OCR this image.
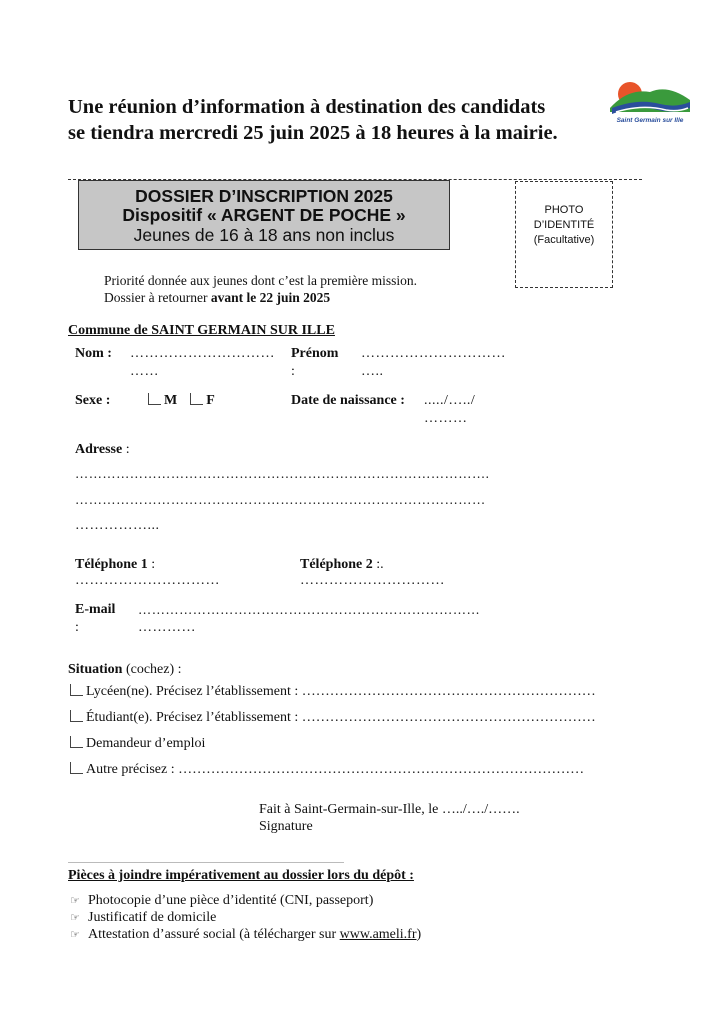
Une réunion d’information à destination des candidats
se tiendra mercredi 25 juin 2025 à 18 heures à la mairie.
Saint Germain sur Ille
DOSSIER D’INSCRIPTION 2025
Dispositif « ARGENT DE POCHE »
Jeunes de 16 à 18 ans non inclus
PHOTO
D’IDENTITÉ
(Facultative)
Priorité donnée aux jeunes dont c’est la première mission.
Dossier à retourner avant le 22 juin 2025
Commune de SAINT GERMAIN SUR ILLE
Nom : …………………………
……
Prénom
:
…………………………
…..
Sexe :	M F	Date de naissance : ...../…../
………
Adresse :
……………………………………………………………………………….
………………………………………………………………………………
……………...
Téléphone 1 :
…………………………
Téléphone 2 :.
…………………………
E-mail
:
…………………………………………………………………
…………
Situation (cochez) :
Lycéen(ne). Précisez l’établissement : ………………………………………………………
Étudiant(e). Précisez l’établissement : ………………………………………………………
Demandeur d’emploi
Autre précisez : ……………………………………………………………………………
Fait à Saint-Germain-sur-Ille, le …../…./…….
Signature
Pièces à joindre impérativement au dossier lors du dépôt :
☞ Photocopie d’une pièce d’identité (CNI, passeport)
☞ Justificatif de domicile
☞ Attestation d’assuré social (à télécharger sur www.ameli.fr)
